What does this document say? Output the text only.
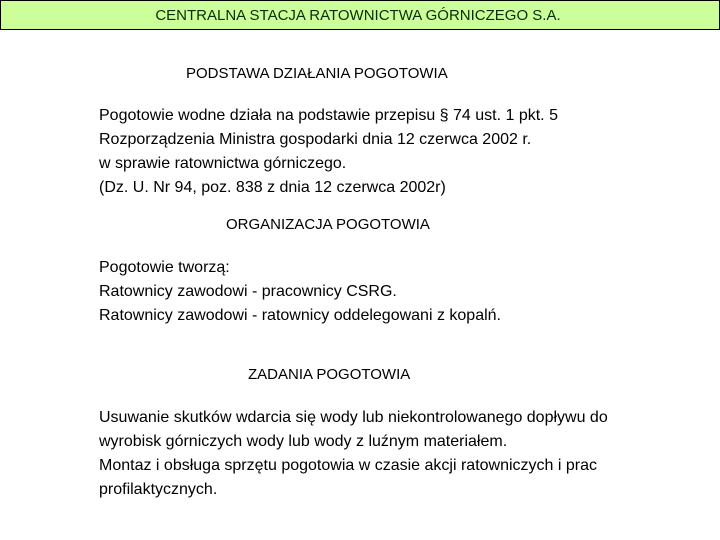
CENTRALNA STACJA RATOWNICTWA GÓRNICZEGO S.A.
PODSTAWA DZIAŁANIA POGOTOWIA
Pogotowie wodne działa na podstawie przepisu § 74 ust. 1 pkt. 5
Rozporządzenia Ministra gospodarki dnia 12 czerwca 2002 r.
w sprawie ratownictwa górniczego.
(Dz. U. Nr 94, poz. 838 z dnia 12 czerwca 2002r)
ORGANIZACJA POGOTOWIA
Pogotowie tworzą:
Ratownicy zawodowi - pracownicy CSRG.
Ratownicy zawodowi - ratownicy oddelegowani z kopalń.
ZADANIA POGOTOWIA
Usuwanie skutków wdarcia się wody lub niekontrolowanego dopływu do
wyrobisk górniczych wody lub wody z luźnym materiałem.
Montaz i obsługa sprzętu pogotowia w czasie akcji ratowniczych i prac
profilaktycznych.
